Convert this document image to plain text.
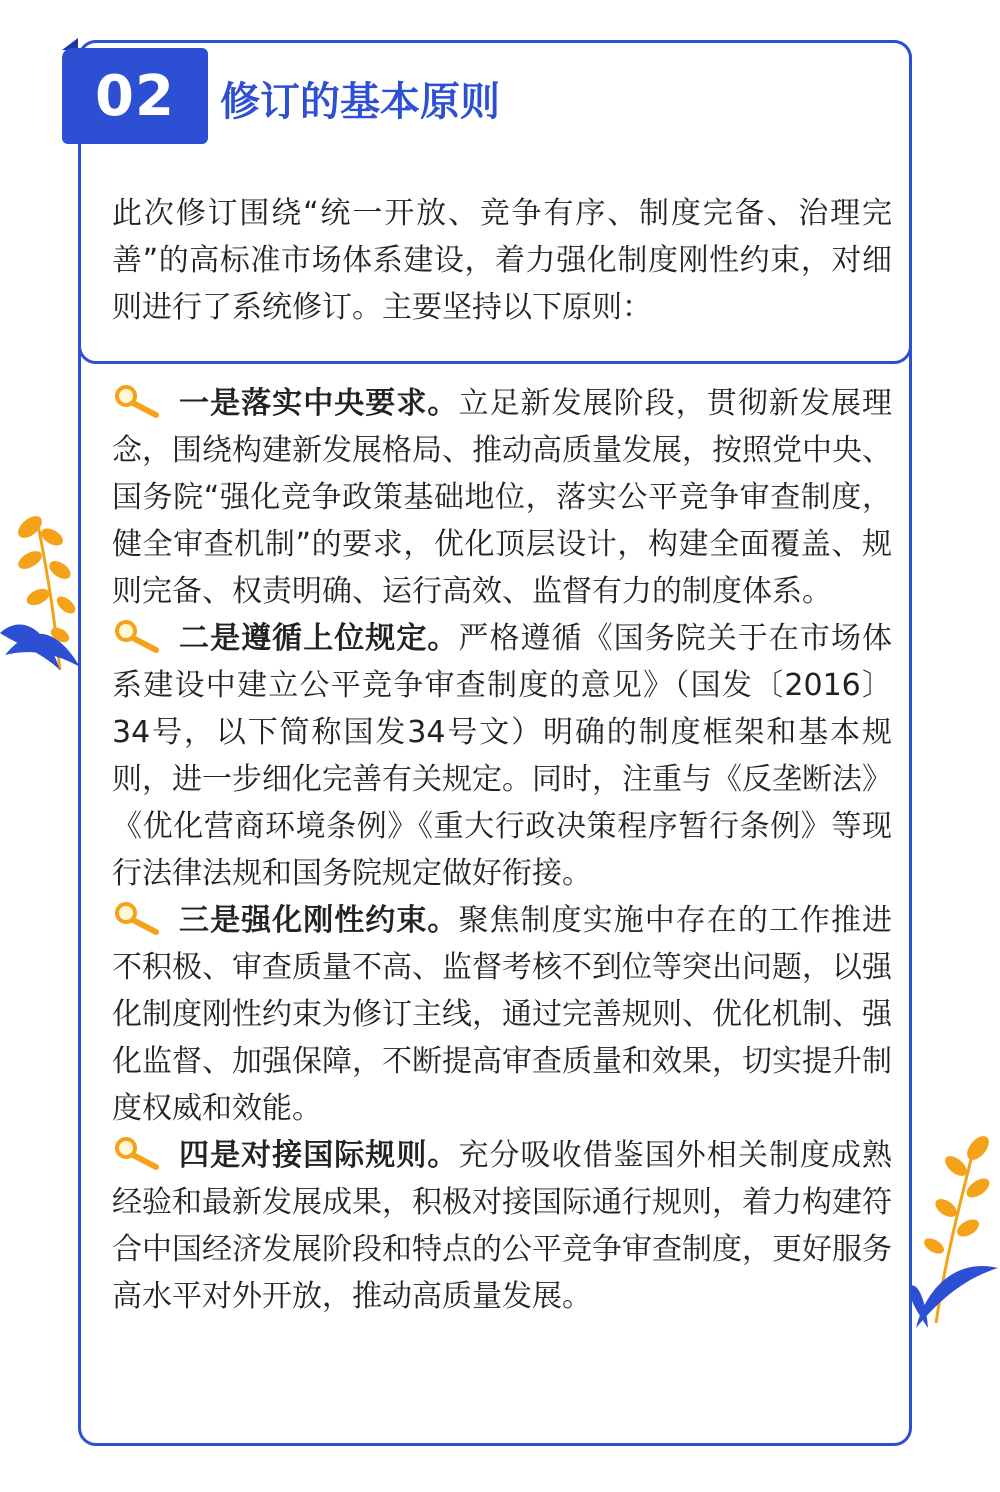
02	修订的基本原则

此次修订围绕“统一开放、竞争有序、制度完备、治理完善”的高标准市场体系建设，着力强化制度刚性约束，对细则进行了系统修订。主要坚持以下原则：

一是落实中央要求。立足新发展阶段，贯彻新发展理念，围绕构建新发展格局、推动高质量发展，按照党中央、国务院“强化竞争政策基础地位，落实公平竞争审查制度，健全审查机制”的要求，优化顶层设计，构建全面覆盖、规则完备、权责明确、运行高效、监督有力的制度体系。

二是遵循上位规定。严格遵循《国务院关于在市场体系建设中建立公平竞争审查制度的意见》（国发〔2016〕34号，以下简称国发34号文）明确的制度框架和基本规则，进一步细化完善有关规定。同时，注重与《反垄断法》《优化营商环境条例》《重大行政决策程序暂行条例》等现行法律法规和国务院规定做好衔接。

三是强化刚性约束。聚焦制度实施中存在的工作推进不积极、审查质量不高、监督考核不到位等突出问题，以强化制度刚性约束为修订主线，通过完善规则、优化机制、强化监督、加强保障，不断提高审查质量和效果，切实提升制度权威和效能。

四是对接国际规则。充分吸收借鉴国外相关制度成熟经验和最新发展成果，积极对接国际通行规则，着力构建符合中国经济发展阶段和特点的公平竞争审查制度，更好服务高水平对外开放，推动高质量发展。
